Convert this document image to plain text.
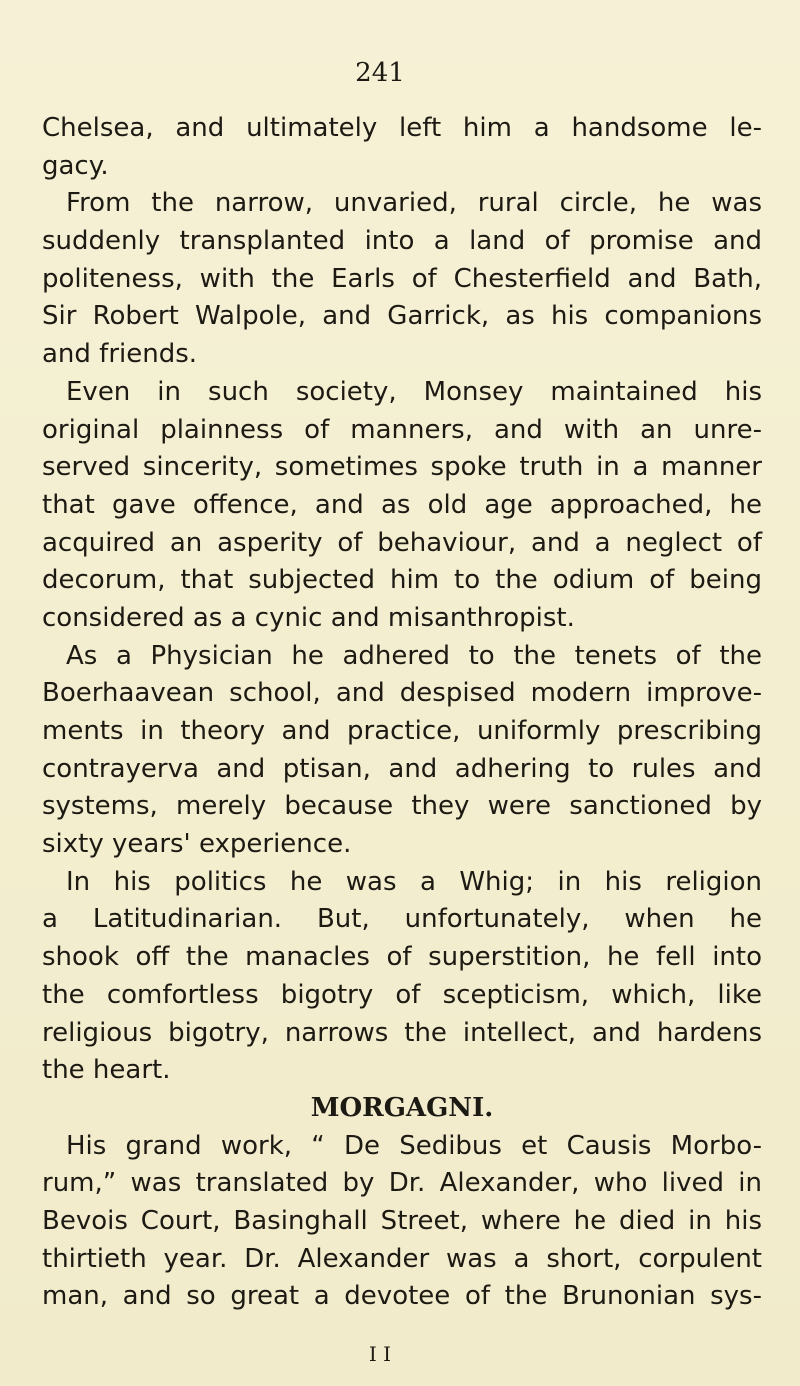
241
Chelsea, and ultimately left him a handsome le-
gacy.
From the narrow, unvaried, rural circle, he was
suddenly transplanted into a land of promise and
politeness, with the Earls of Chesterfield and Bath,
Sir Robert Walpole, and Garrick, as his companions
and friends.
Even in such society, Monsey maintained his
original plainness of manners, and with an unre-
served sincerity, sometimes spoke truth in a manner
that gave offence, and as old age approached, he
acquired an asperity of behaviour, and a neglect of
decorum, that subjected him to the odium of being
considered as a cynic and misanthropist.
As a Physician he adhered to the tenets of the
Boerhaavean school, and despised modern improve-
ments in theory and practice, uniformly prescribing
contrayerva and ptisan, and adhering to rules and
systems, merely because they were sanctioned by
sixty years' experience.
In his politics he was a Whig; in his religion
a Latitudinarian. But, unfortunately, when he
shook off the manacles of superstition, he fell into
the comfortless bigotry of scepticism, which, like
religious bigotry, narrows the intellect, and hardens
the heart.
MORGAGNI.
His grand work, “ De Sedibus et Causis Morbo-
rum,” was translated by Dr. Alexander, who lived in
Bevois Court, Basinghall Street, where he died in his
thirtieth year. Dr. Alexander was a short, corpulent
man, and so great a devotee of the Brunonian sys-
I I
